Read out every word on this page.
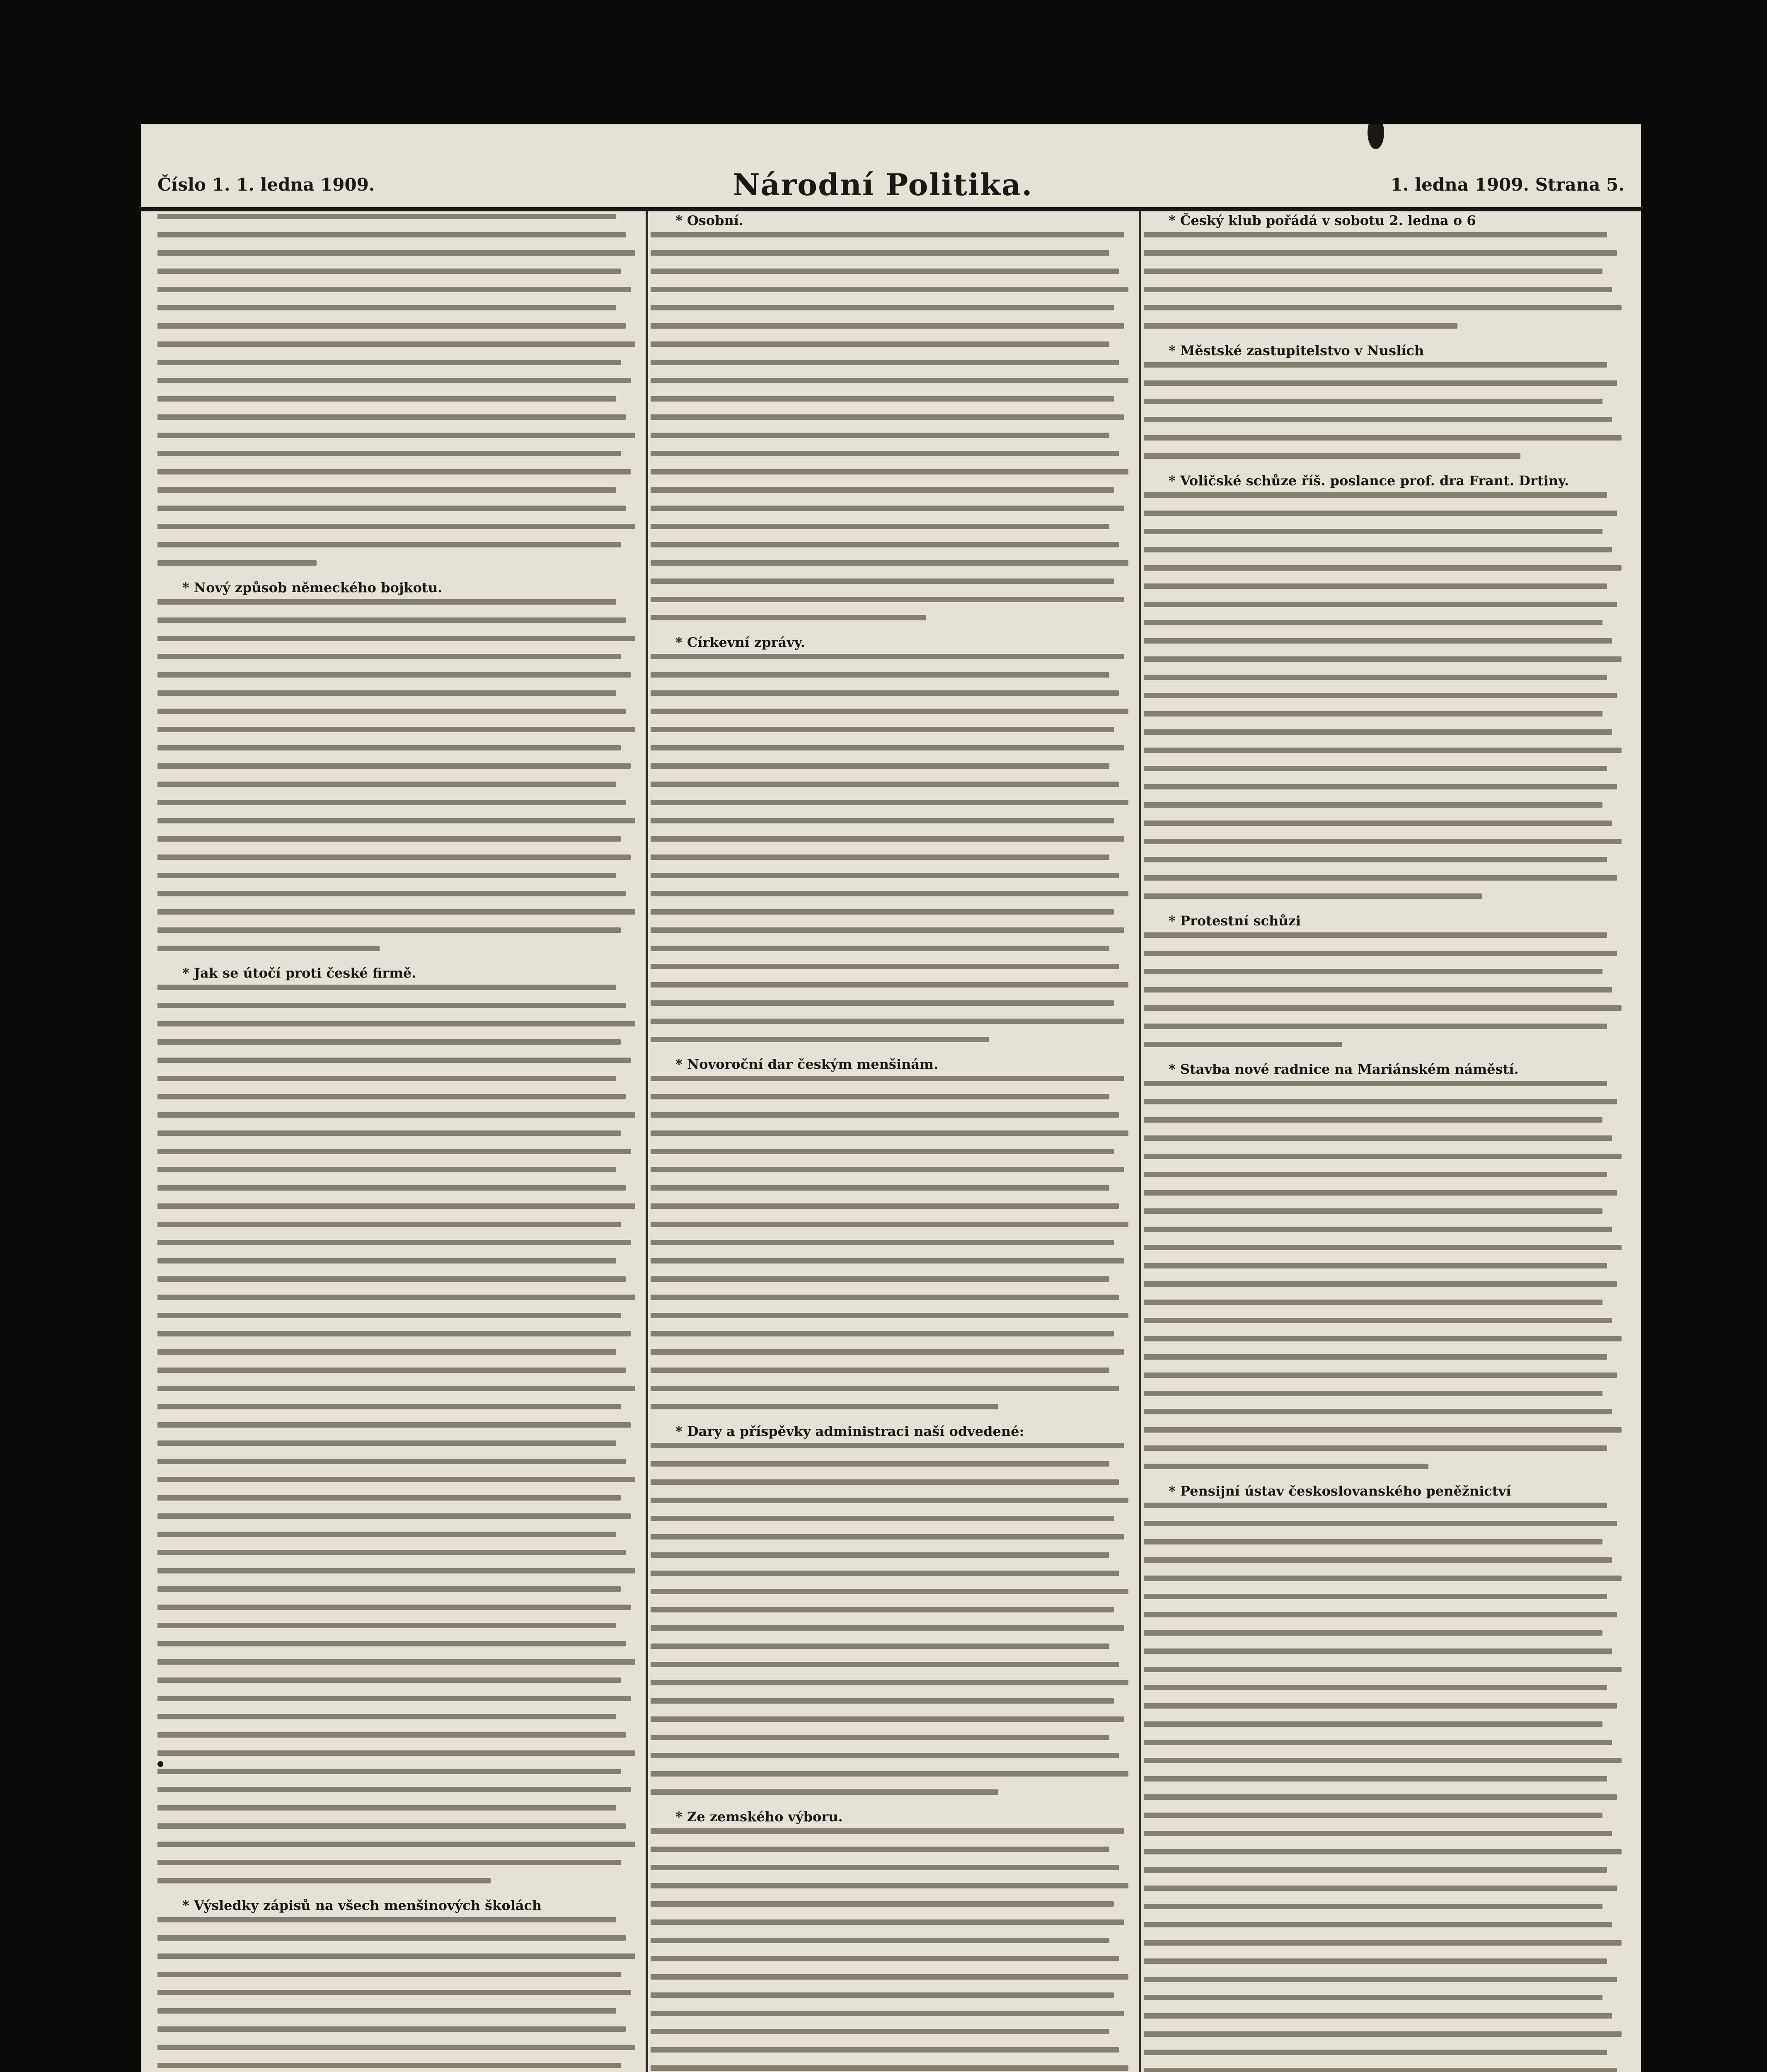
Číslo 1. 1. ledna 1909.	Národní Politika.	1. ledna 1909. Strana 5.
* Nový způsob německého bojkotu.
* Jak se útočí proti české firmě.
* Výsledky zápisů na všech menšinových školách
* Osobní.
* Církevní zprávy.
* Novoroční dar českým menšinám.
* Dary a příspěvky administraci naší odvedené:
* Ze zemského výboru.
* Český klub pořádá v sobotu 2. ledna o 6
* Městské zastupitelstvo v Nuslích
* Voličské schůze říš. poslance prof. dra Frant. Drtiny.
* Protestní schůzi
* Stavba nové radnice na Mariánském náměstí.
* Pensijní ústav českoslovanského peněžnictví
